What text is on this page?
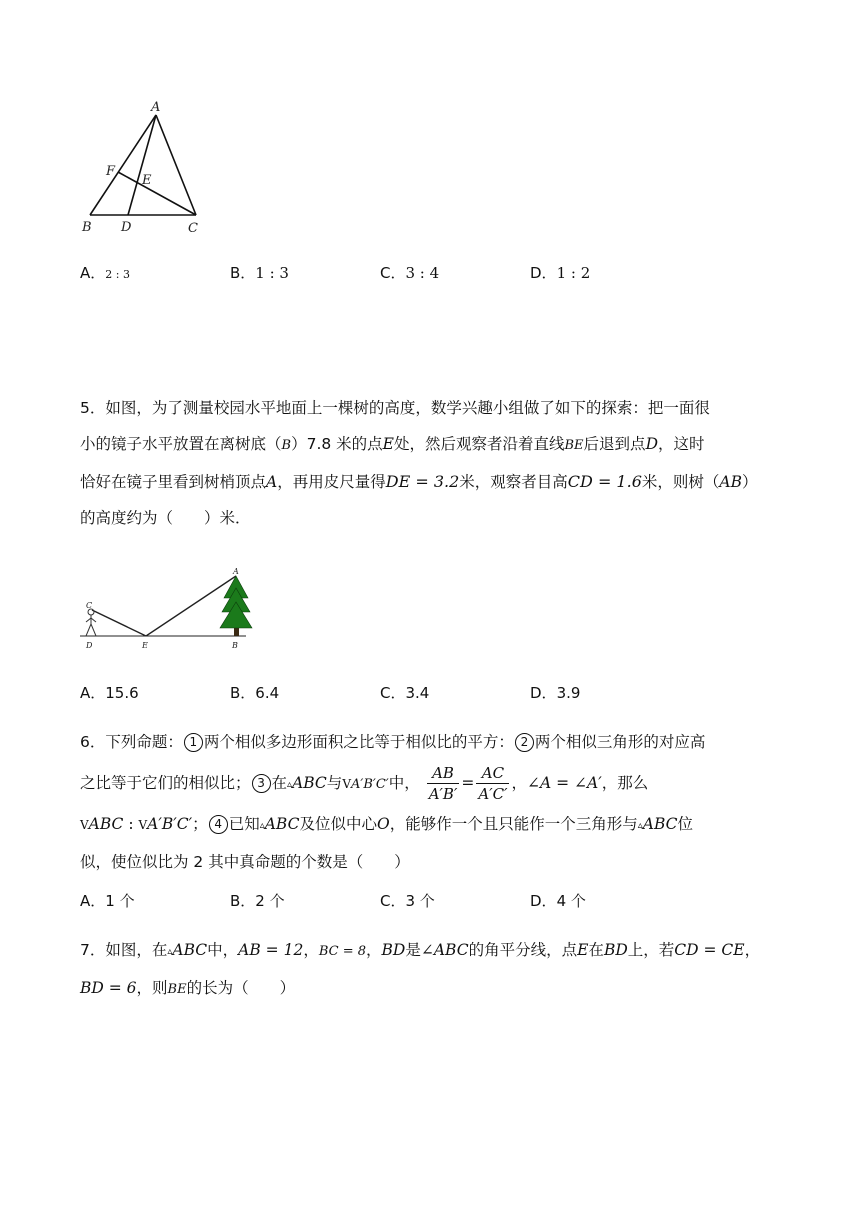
A
F
E
B D	C
A．2 : 3	B．1 : 3	C．3 : 4	D．1 : 2
5．如图，为了测量校园水平地面上一棵树的高度，数学兴趣小组做了如下的探索：把一面很
小的镜子水平放置在离树底（B）7.8 米的点E处，然后观察者沿着直线BE后退到点D，这时
恰好在镜子里看到树梢顶点A，再用皮尺量得DE = 3.2米，观察者目高CD = 1.6米，则树（AB）
的高度约为（　　）米．
A
C
D	E	B
A．15.6	B．6.4	C．3.4	D．3.9
6．下列命题： 1 两个相似多边形面积之比等于相似比的平方： 2 两个相似三角形的对应高
之比等于它们的相似比； 3 在▵ABC与VA′B′C′中， $\frac{AB}{A'B'} = \frac{AC}{A'C'}$ ，∠A = ∠A′，那么
VABC : VA′B′C′； 4 已知▵ABC及位似中心O，能够作一个且只能作一个三角形与▵ABC位
似，使位似比为 2 其中真命题的个数是（　　）
A．1 个	B．2 个	C．3 个	D．4 个
7．如图，在▵ABC中，AB = 12，BC = 8，BD是∠ABC的角平分线，点E在BD上，若CD = CE，
BD = 6，则BE的长为（　　）
